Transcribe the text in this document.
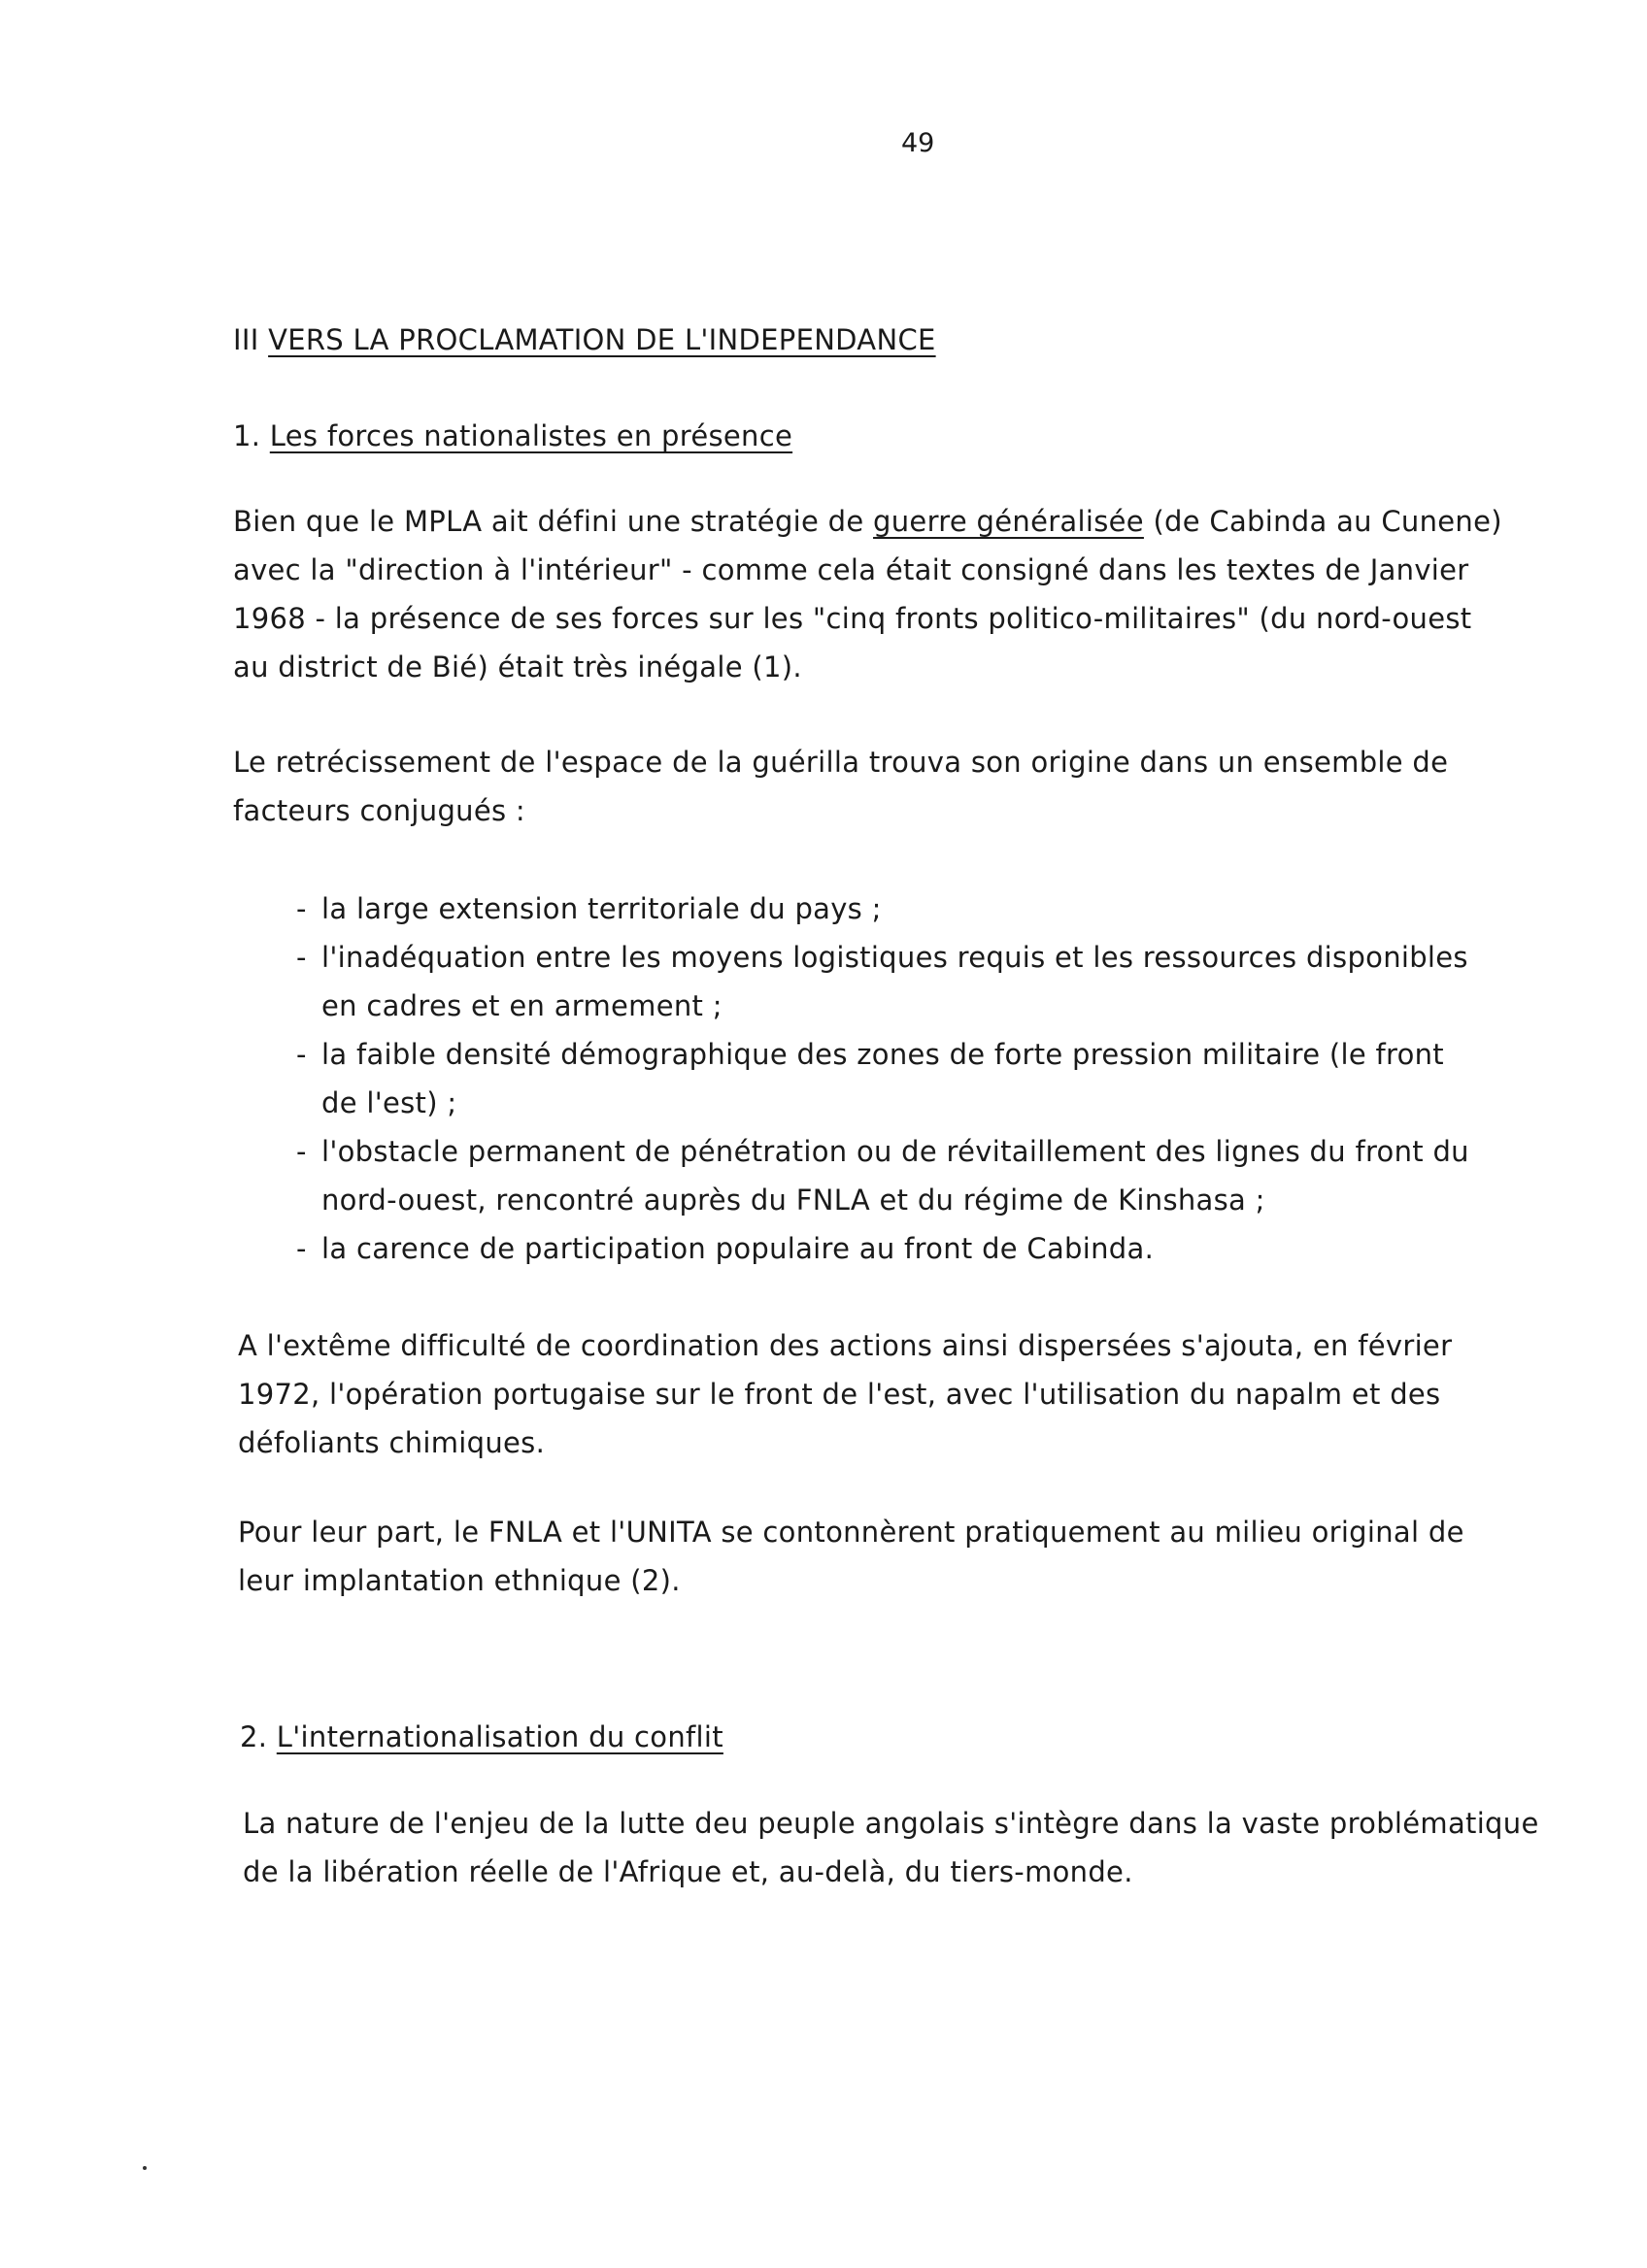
49
III VERS LA PROCLAMATION DE L'INDEPENDANCE
1. Les forces nationalistes en présence
Bien que le MPLA ait défini une stratégie de guerre généralisée (de Cabinda au Cunene)
avec la "direction à l'intérieur" - comme cela était consigné dans les textes de Janvier
1968 - la présence de ses forces sur les "cinq fronts politico-militaires" (du nord-ouest
au district de Bié) était très inégale (1).
Le retrécissement de l'espace de la guérilla trouva son origine dans un ensemble de
facteurs conjugués :
- la large extension territoriale du pays ;
- l'inadéquation entre les moyens logistiques requis et les ressources disponibles
en cadres et en armement ;
- la faible densité démographique des zones de forte pression militaire (le front
de l'est) ;
- l'obstacle permanent de pénétration ou de révitaillement des lignes du front du
nord-ouest, rencontré auprès du FNLA et du régime de Kinshasa ;
- la carence de participation populaire au front de Cabinda.
A l'extême difficulté de coordination des actions ainsi dispersées s'ajouta, en février
1972, l'opération portugaise sur le front de l'est, avec l'utilisation du napalm et des
défoliants chimiques.
Pour leur part, le FNLA et l'UNITA se contonnèrent pratiquement au milieu original de
leur implantation ethnique (2).
2. L'internationalisation du conflit
La nature de l'enjeu de la lutte deu peuple angolais s'intègre dans la vaste problématique
de la libération réelle de l'Afrique et, au-delà, du tiers-monde.
